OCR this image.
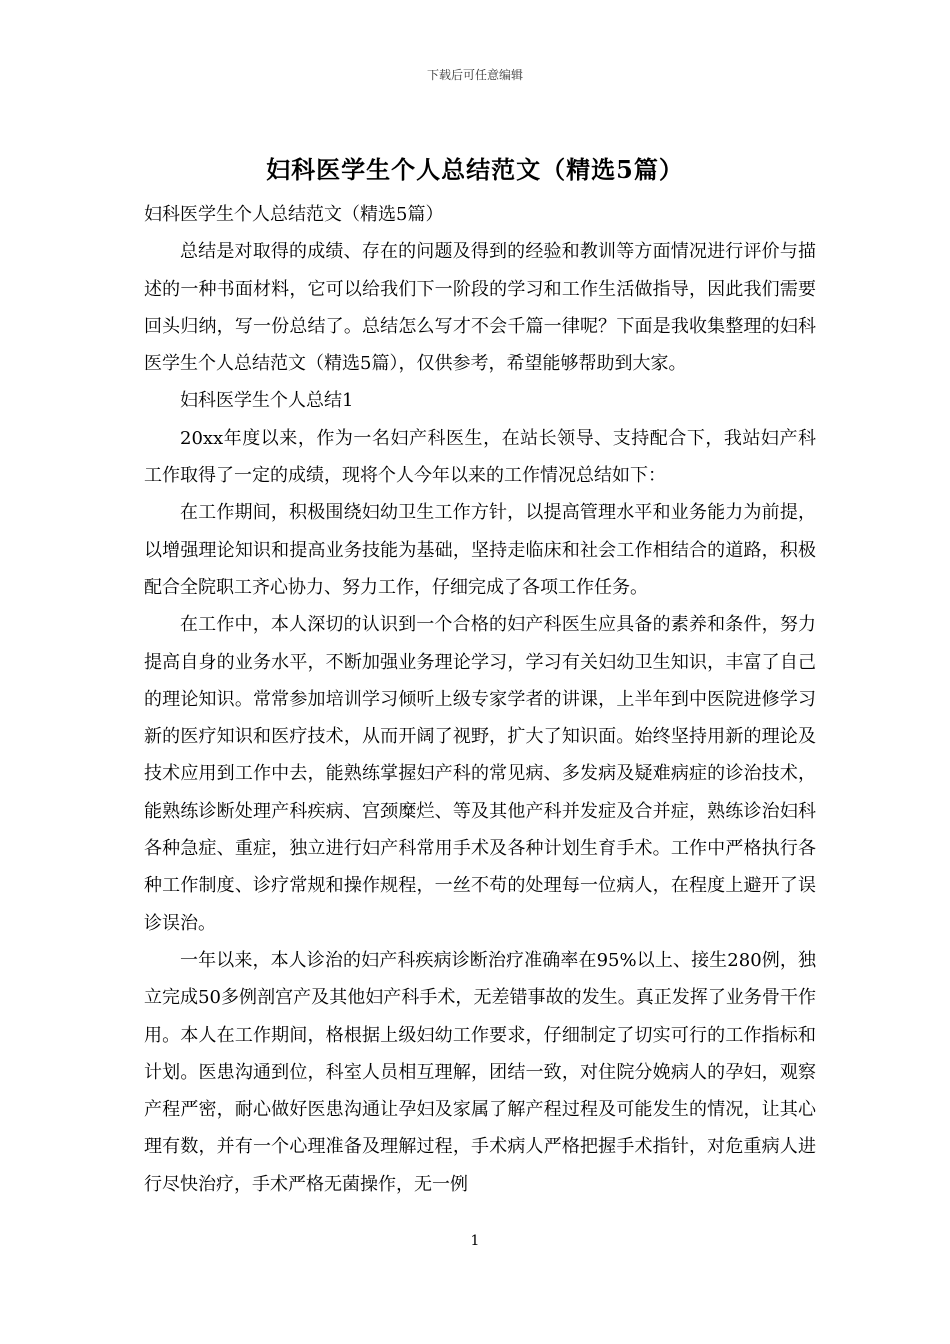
下载后可任意编辑
妇科医学生个人总结范文（精选5篇）

妇科医学生个人总结范文（精选5篇）

总结是对取得的成绩、存在的问题及得到的经验和教训等方面情况进行评价与描述的一种书面材料，它可以给我们下一阶段的学习和工作生活做指导，因此我们需要回头归纳，写一份总结了。总结怎么写才不会千篇一律呢？下面是我收集整理的妇科医学生个人总结范文（精选5篇），仅供参考，希望能够帮助到大家。

妇科医学生个人总结1

20xx年度以来，作为一名妇产科医生，在站长领导、支持配合下，我站妇产科工作取得了一定的成绩，现将个人今年以来的工作情况总结如下：

在工作期间，积极围绕妇幼卫生工作方针，以提高管理水平和业务能力为前提，以增强理论知识和提高业务技能为基础，坚持走临床和社会工作相结合的道路，积极配合全院职工齐心协力、努力工作，仔细完成了各项工作任务。

在工作中，本人深切的认识到一个合格的妇产科医生应具备的素养和条件，努力提高自身的业务水平，不断加强业务理论学习，学习有关妇幼卫生知识，丰富了自己的理论知识。常常参加培训学习倾听上级专家学者的讲课，上半年到中医院进修学习新的医疗知识和医疗技术，从而开阔了视野，扩大了知识面。始终坚持用新的理论及技术应用到工作中去，能熟练掌握妇产科的常见病、多发病及疑难病症的诊治技术，能熟练诊断处理产科疾病、宫颈糜烂、等及其他产科并发症及合并症，熟练诊治妇科各种急症、重症，独立进行妇产科常用手术及各种计划生育手术。工作中严格执行各种工作制度、诊疗常规和操作规程，一丝不苟的处理每一位病人，在程度上避开了误诊误治。

一年以来，本人诊治的妇产科疾病诊断治疗准确率在95%以上、接生280例，独立完成50多例剖宫产及其他妇产科手术，无差错事故的发生。真正发挥了业务骨干作用。本人在工作期间，格根据上级妇幼工作要求，仔细制定了切实可行的工作指标和计划。医患沟通到位，科室人员相互理解，团结一致，对住院分娩病人的孕妇，观察产程严密，耐心做好医患沟通让孕妇及家属了解产程过程及可能发生的情况，让其心理有数，并有一个心理准备及理解过程，手术病人严格把握手术指针，对危重病人进行尽快治疗，手术严格无菌操作，无一例

1
